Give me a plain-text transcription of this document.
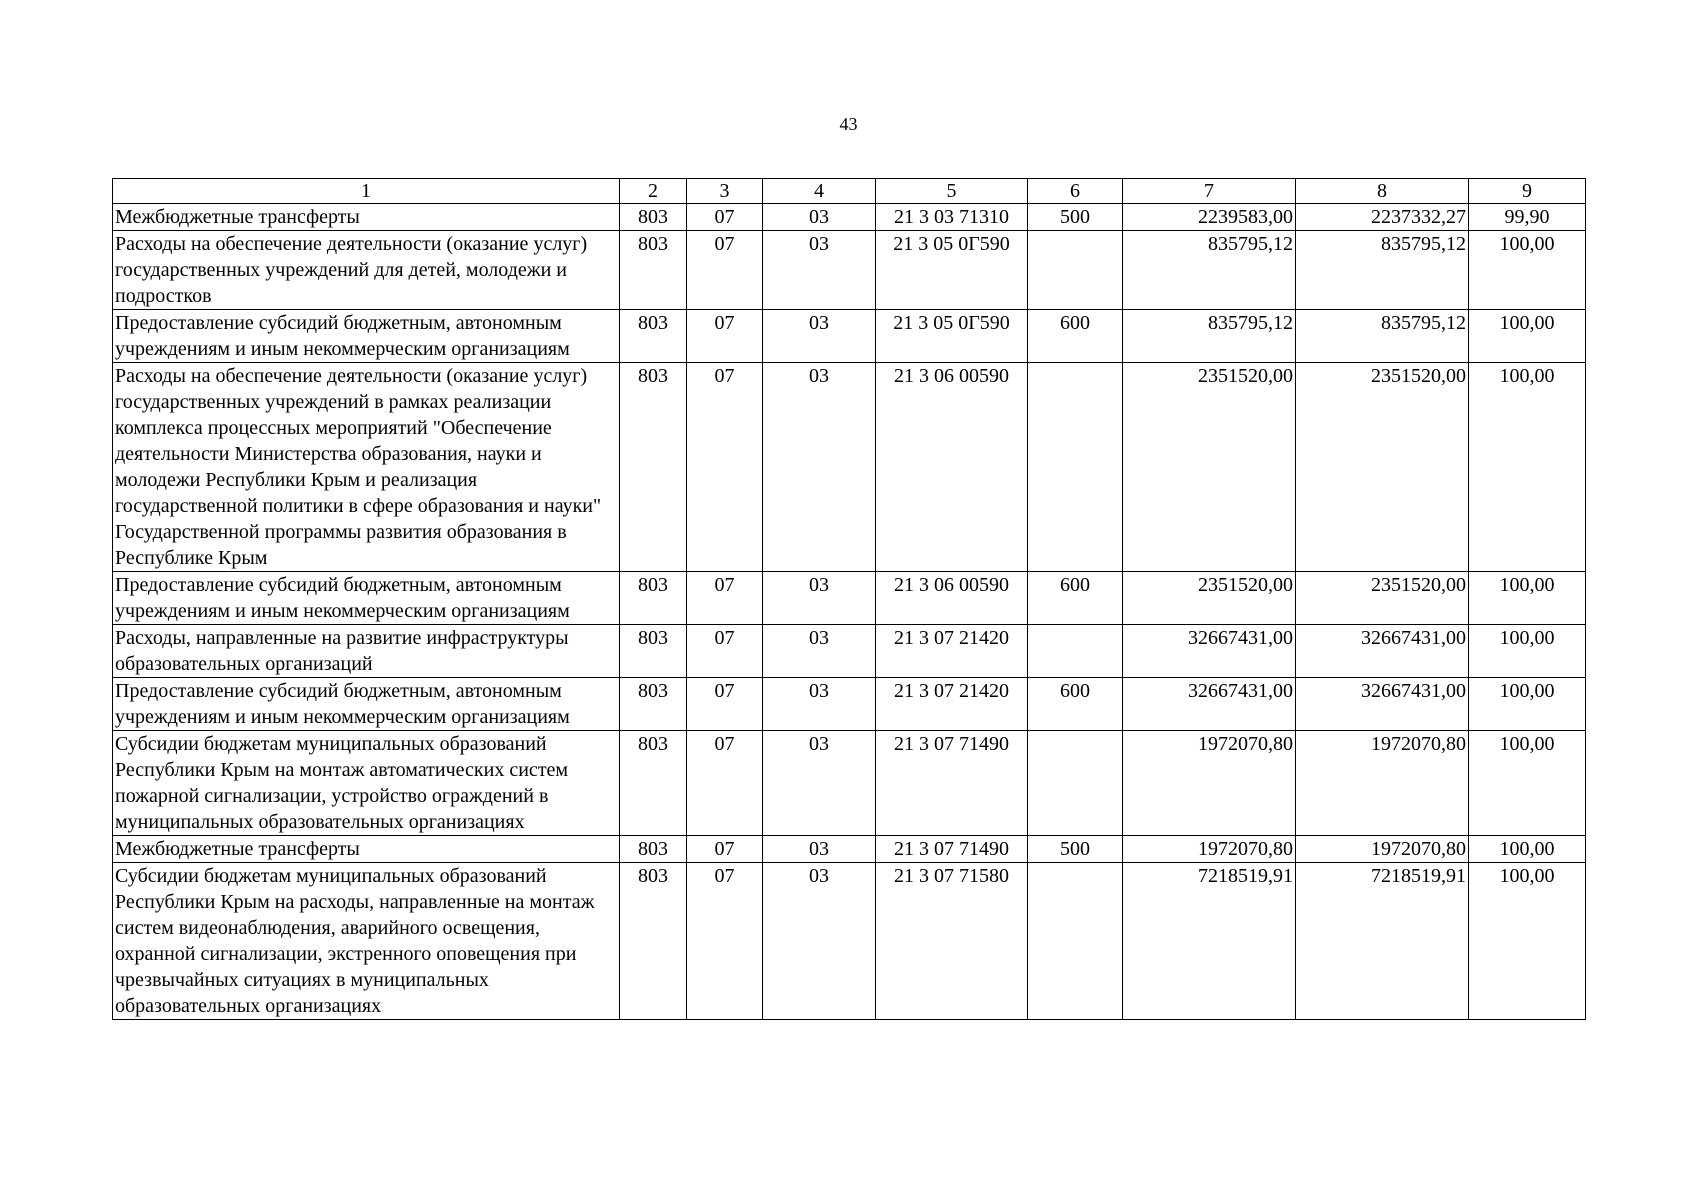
43
1	2	3	4	5	6	7	8	9
Межбюджетные трансферты	803	07	03	21 3 03 71310	500	2239583,00	2237332,27	99,90
Расходы на обеспечение деятельности (оказание услуг) государственных учреждений для детей, молодежи и подростков	803	07	03	21 3 05 0Г590		835795,12	835795,12	100,00
Предоставление субсидий бюджетным, автономным учреждениям и иным некоммерческим организациям	803	07	03	21 3 05 0Г590	600	835795,12	835795,12	100,00
Расходы на обеспечение деятельности (оказание услуг) государственных учреждений в рамках реализации комплекса процессных мероприятий "Обеспечение деятельности Министерства образования, науки и молодежи Республики Крым и реализация государственной политики в сфере образования и науки" Государственной программы развития образования в Республике Крым	803	07	03	21 3 06 00590		2351520,00	2351520,00	100,00
Предоставление субсидий бюджетным, автономным учреждениям и иным некоммерческим организациям	803	07	03	21 3 06 00590	600	2351520,00	2351520,00	100,00
Расходы, направленные на развитие инфраструктуры образовательных организаций	803	07	03	21 3 07 21420		32667431,00	32667431,00	100,00
Предоставление субсидий бюджетным, автономным учреждениям и иным некоммерческим организациям	803	07	03	21 3 07 21420	600	32667431,00	32667431,00	100,00
Субсидии бюджетам муниципальных образований Республики Крым на монтаж автоматических систем пожарной сигнализации, устройство ограждений в муниципальных образовательных организациях	803	07	03	21 3 07 71490		1972070,80	1972070,80	100,00
Межбюджетные трансферты	803	07	03	21 3 07 71490	500	1972070,80	1972070,80	100,00
Субсидии бюджетам муниципальных образований Республики Крым на расходы, направленные на монтаж систем видеонаблюдения, аварийного освещения, охранной сигнализации, экстренного оповещения при чрезвычайных ситуациях в муниципальных образовательных организациях	803	07	03	21 3 07 71580		7218519,91	7218519,91	100,00
